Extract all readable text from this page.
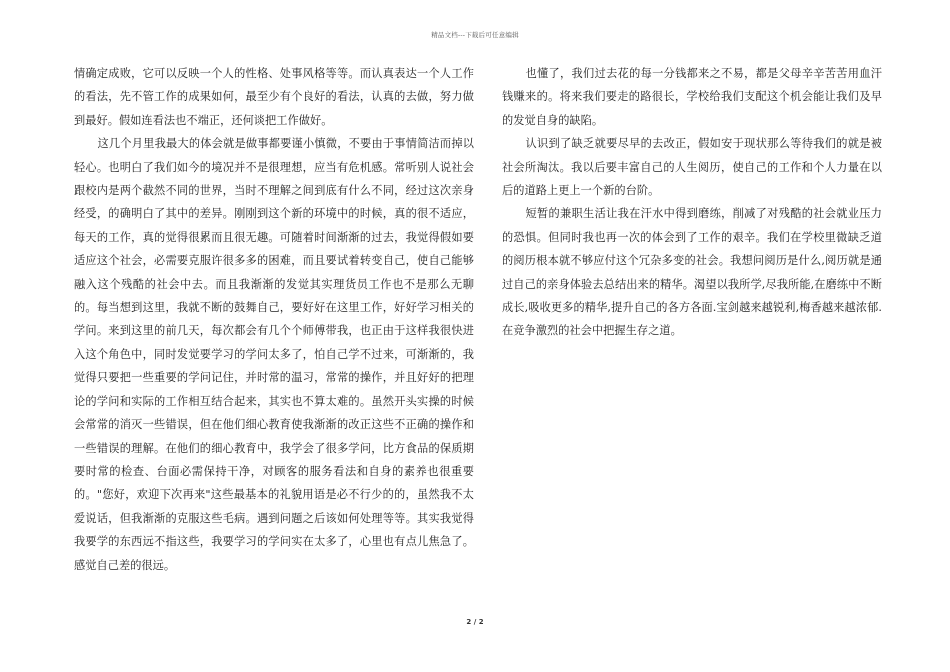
精品文档---下载后可任意编辑

情确定成败，它可以反映一个人的性格、处事风格等等。而认真表达一个人工作的看法，先不管工作的成果如何，最至少有个良好的看法，认真的去做，努力做到最好。假如连看法也不端正，还何谈把工作做好。

这几个月里我最大的体会就是做事都要谨小慎微，不要由于事情简洁而掉以轻心。也明白了我们如今的境况并不是很理想，应当有危机感。常听别人说社会跟校内是两个截然不同的世界，当时不理解之间到底有什么不同，经过这次亲身经受，的确明白了其中的差异。刚刚到这个新的环境中的时候，真的很不适应，每天的工作，真的觉得很累而且很无趣。可随着时间渐渐的过去，我觉得假如要适应这个社会，必需要克服许很多多的困难，而且要试着转变自己，使自己能够融入这个残酷的社会中去。而且我渐渐的发觉其实理货员工作也不是那么无聊的。每当想到这里，我就不断的鼓舞自己，要好好在这里工作，好好学习相关的学问。来到这里的前几天，每次都会有几个个师傅带我，也正由于这样我很快进入这个角色中，同时发觉要学习的学问太多了，怕自己学不过来，可渐渐的，我觉得只要把一些重要的学问记住，并时常的温习，常常的操作，并且好好的把理论的学问和实际的工作相互结合起来，其实也不算太难的。虽然开头实操的时候会常常的消灭一些错误，但在他们细心教育使我渐渐的改正这些不正确的操作和一些错误的理解。在他们的细心教育中，我学会了很多学问，比方食品的保质期要时常的检查、台面必需保持干净，对顾客的服务看法和自身的素养也很重要的。"您好，欢迎下次再来"这些最基本的礼貌用语是必不行少的的，虽然我不太爱说话，但我渐渐的克服这些毛病。遇到问题之后该如何处理等等。其实我觉得我要学的东西远不指这些，我要学习的学问实在太多了，心里也有点儿焦急了。感觉自己差的很远。

也懂了，我们过去花的每一分钱都来之不易，都是父母辛辛苦苦用血汗钱赚来的。将来我们要走的路很长，学校给我们支配这个机会能让我们及早的发觉自身的缺陷。

认识到了缺乏就要尽早的去改正，假如安于现状那么等待我们的就是被社会所淘汰。我以后要丰富自己的人生阅历，使自己的工作和个人力量在以后的道路上更上一个新的台阶。

短暂的兼职生活让我在汗水中得到磨练，削减了对残酷的社会就业压力的恐惧。但同时我也再一次的体会到了工作的艰辛。我们在学校里微缺乏道的阅历根本就不够应付这个冗杂多变的社会。我想问阅历是什么,阅历就是通过自己的亲身体验去总结出来的精华。渴望以我所学,尽我所能,在磨练中不断成长,吸收更多的精华,提升自己的各方各面.宝剑越来越锐利,梅香越来越浓郁.在竞争激烈的社会中把握生存之道。

2 / 2
